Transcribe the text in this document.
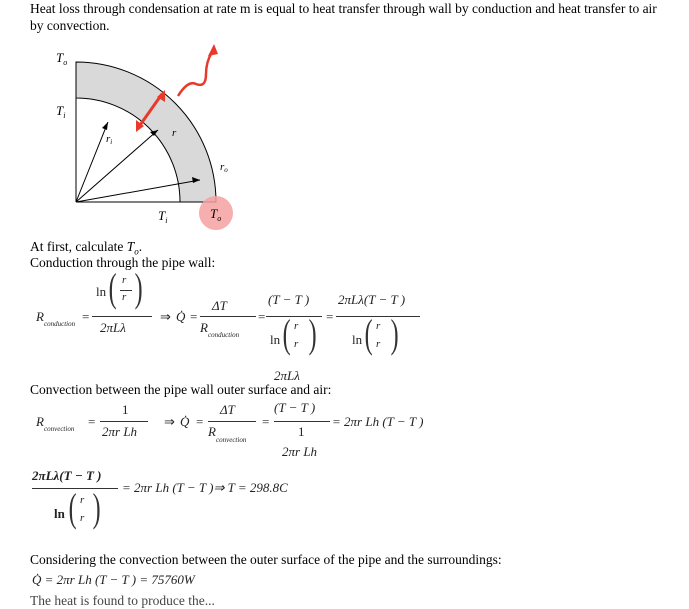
Heat loss through condensation at rate m is equal to heat transfer through wall by conduction and heat transfer to air
by convection.
$T_o$
$T_i$
ri
r
ro
$T_i$	$T_o$
At first, calculate $T_o$.
Conduction through the pipe wall:
R conduction =
ln ( r
r )
2πLλ
⇒ Q̇ =
ΔT
R conduction
=
(T − T )
ln ( r
r ) =
2πLλ(T − T )
ln ( r
r )
2πLλ
Convection between the pipe wall outer surface and air:
R convection =
1
2πr Lh
⇒ Q̇ =
ΔT
R
convection
=
(T − T )
1
2πr Lh
= 2πr Lh (T − T )
2πLλ(T − T )
ln ( r
r ) = 2πr Lh (T − T )⇒ T = 298.8C
Considering the convection between the outer surface of the pipe and the surroundings:
Q̇ = 2πr Lh (T − T ) = 75760W
The heat is found to produce the...
